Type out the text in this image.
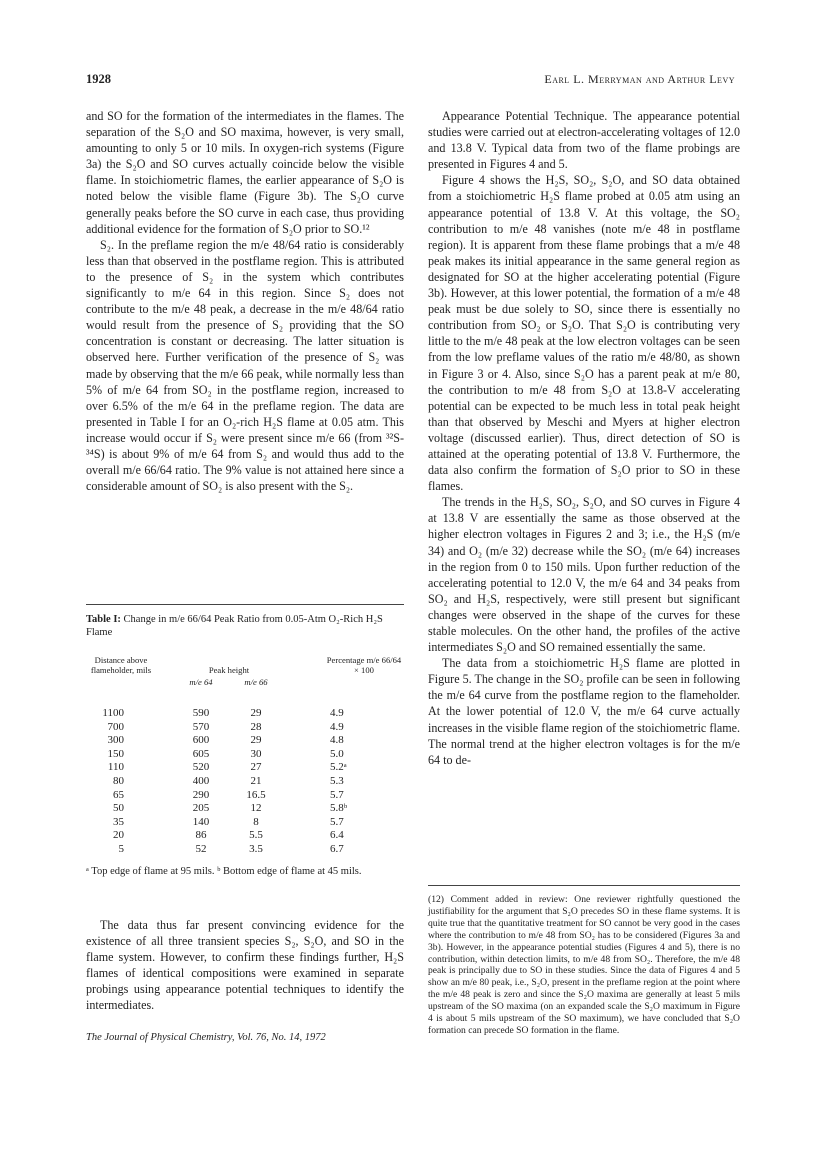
1928	Earl L. Merryman and Arthur Levy

and SO for the formation of the intermediates in the flames. The separation of the S₂O and SO maxima, however, is very small, amounting to only 5 or 10 mils. In oxygen-rich systems (Figure 3a) the S₂O and SO curves actually coincide below the visible flame. In stoichiometric flames, the earlier appearance of S₂O is noted below the visible flame (Figure 3b). The S₂O curve generally peaks before the SO curve in each case, thus providing additional evidence for the formation of S₂O prior to SO.¹²

S₂. In the preflame region the m/e 48/64 ratio is considerably less than that observed in the postflame region. This is attributed to the presence of S₂ in the system which contributes significantly to m/e 64 in this region. Since S₂ does not contribute to the m/e 48 peak, a decrease in the m/e 48/64 ratio would result from the presence of S₂ providing that the SO concentration is constant or decreasing. The latter situation is observed here. Further verification of the presence of S₂ was made by observing that the m/e 66 peak, while normally less than 5% of m/e 64 from SO₂ in the postflame region, increased to over 6.5% of the m/e 64 in the preflame region. The data are presented in Table I for an O₂-rich H₂S flame at 0.05 atm. This increase would occur if S₂ were present since m/e 66 (from ³²S-³⁴S) is about 9% of m/e 64 from S₂ and would thus add to the overall m/e 66/64 ratio. The 9% value is not attained here since a considerable amount of SO₂ is also present with the S₂.

Table I: Change in m/e 66/64 Peak Ratio from 0.05-Atm O₂-Rich H₂S Flame
Distance above flameholder, mils	Peak height
m/e 64	m/e 66
Percentage m/e 66/64 × 100
1100	590	29	4.9
700	570	28	4.9
300	600	29	4.8
150	605	30	5.0
110	520	27	5.2ᵃ
80	400	21	5.3
65	290	16.5	5.7
50	205	12	5.8ᵇ
35	140	8	5.7
20	86	5.5	6.4
5	52	3.5	6.7
ᵃ Top edge of flame at 95 mils. ᵇ Bottom edge of flame at 45 mils.

The data thus far present convincing evidence for the existence of all three transient species S₂, S₂O, and SO in the flame system. However, to confirm these findings further, H₂S flames of identical compositions were examined in separate probings using appearance potential techniques to identify the intermediates.

The Journal of Physical Chemistry, Vol. 76, No. 14, 1972

Appearance Potential Technique. The appearance potential studies were carried out at electron-accelerating voltages of 12.0 and 13.8 V. Typical data from two of the flame probings are presented in Figures 4 and 5.

Figure 4 shows the H₂S, SO₂, S₂O, and SO data obtained from a stoichiometric H₂S flame probed at 0.05 atm using an appearance potential of 13.8 V. At this voltage, the SO₂ contribution to m/e 48 vanishes (note m/e 48 in postflame region). It is apparent from these flame probings that a m/e 48 peak makes its initial appearance in the same general region as designated for SO at the higher accelerating potential (Figure 3b). However, at this lower potential, the formation of a m/e 48 peak must be due solely to SO, since there is essentially no contribution from SO₂ or S₂O. That S₂O is contributing very little to the m/e 48 peak at the low electron voltages can be seen from the low preflame values of the ratio m/e 48/80, as shown in Figure 3 or 4. Also, since S₂O has a parent peak at m/e 80, the contribution to m/e 48 from S₂O at 13.8-V accelerating potential can be expected to be much less in total peak height than that observed by Meschi and Myers at higher electron voltage (discussed earlier). Thus, direct detection of SO is attained at the operating potential of 13.8 V. Furthermore, the data also confirm the formation of S₂O prior to SO in these flames.

The trends in the H₂S, SO₂, S₂O, and SO curves in Figure 4 at 13.8 V are essentially the same as those observed at the higher electron voltages in Figures 2 and 3; i.e., the H₂S (m/e 34) and O₂ (m/e 32) decrease while the SO₂ (m/e 64) increases in the region from 0 to 150 mils. Upon further reduction of the accelerating potential to 12.0 V, the m/e 64 and 34 peaks from SO₂ and H₂S, respectively, were still present but significant changes were observed in the shape of the curves for these stable molecules. On the other hand, the profiles of the active intermediates S₂O and SO remained essentially the same.

The data from a stoichiometric H₂S flame are plotted in Figure 5. The change in the SO₂ profile can be seen in following the m/e 64 curve from the postflame region to the flameholder. At the lower potential of 12.0 V, the m/e 64 curve actually increases in the visible flame region of the stoichiometric flame. The normal trend at the higher electron voltages is for the m/e 64 to de-

(12) Comment added in review: One reviewer rightfully questioned the justifiability for the argument that S₂O precedes SO in these flame systems. It is quite true that the quantitative treatment for SO cannot be very good in the cases where the contribution to m/e 48 from SO₂ has to be considered (Figures 3a and 3b). However, in the appearance potential studies (Figures 4 and 5), there is no contribution, within detection limits, to m/e 48 from SO₂. Therefore, the m/e 48 peak is principally due to SO in these studies. Since the data of Figures 4 and 5 show an m/e 80 peak, i.e., S₂O, present in the preflame region at the point where the m/e 48 peak is zero and since the S₂O maxima are generally at least 5 mils upstream of the SO maxima (on an expanded scale the S₂O maximum in Figure 4 is about 5 mils upstream of the SO maximum), we have concluded that S₂O formation can precede SO formation in the flame.
